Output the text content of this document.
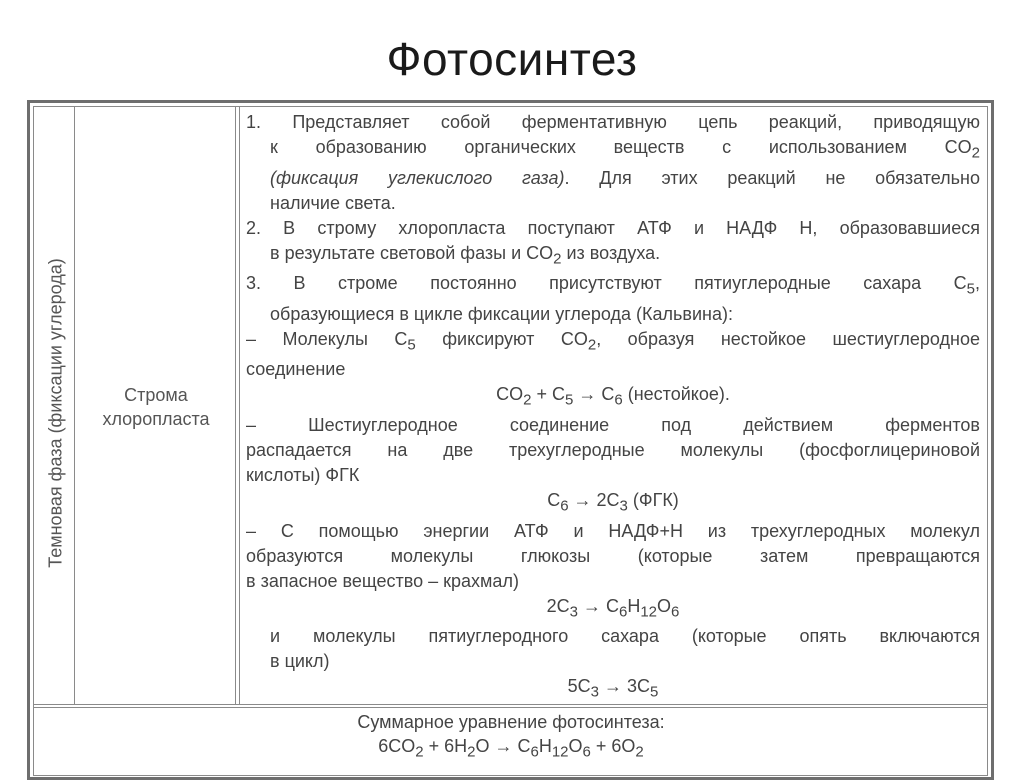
Фотосинтез
Темновая фаза (фиксации углерода)	Строма
хлоропласта
1. Представляет собой ферментативную цепь реакций, приводящую
к образованию органических веществ с использованием $CO_2$
(фиксация углекислого газа). Для этих реакций не обязательно
наличие света.
2. В строму хлоропласта поступают АТФ и НАДФ Н, образовавшиеся
в результате световой фазы и $CO_2$ из воздуха.
3. В строме постоянно присутствуют пятиуглеродные сахара $C_5$,
образующиеся в цикле фиксации углерода (Кальвина):
– Молекулы $C_5$ фиксируют $CO_2$, образуя нестойкое шестиуглеродное
соединение
$CO_2 + C_5 \to C_6$ (нестойкое).
– Шестиуглеродное соединение под действием ферментов
распадается на две трехуглеродные молекулы (фосфоглицериновой
кислоты) ФГК
$C_6 \to 2C_3$ (ФГК)
– С помощью энергии АТФ и НАДФ+Н из трехуглеродных молекул
образуются молекулы глюкозы (которые затем превращаются
в запасное вещество – крахмал)
$2C_3 \to C_6H_{12}O_6$
и молекулы пятиуглеродного сахара (которые опять включаются
в цикл)
$5C_3 \to 3C_5$
Суммарное уравнение фотосинтеза:
$6CO_2 + 6H_2O \to C_6H_{12}O_6 + 6O_2$
